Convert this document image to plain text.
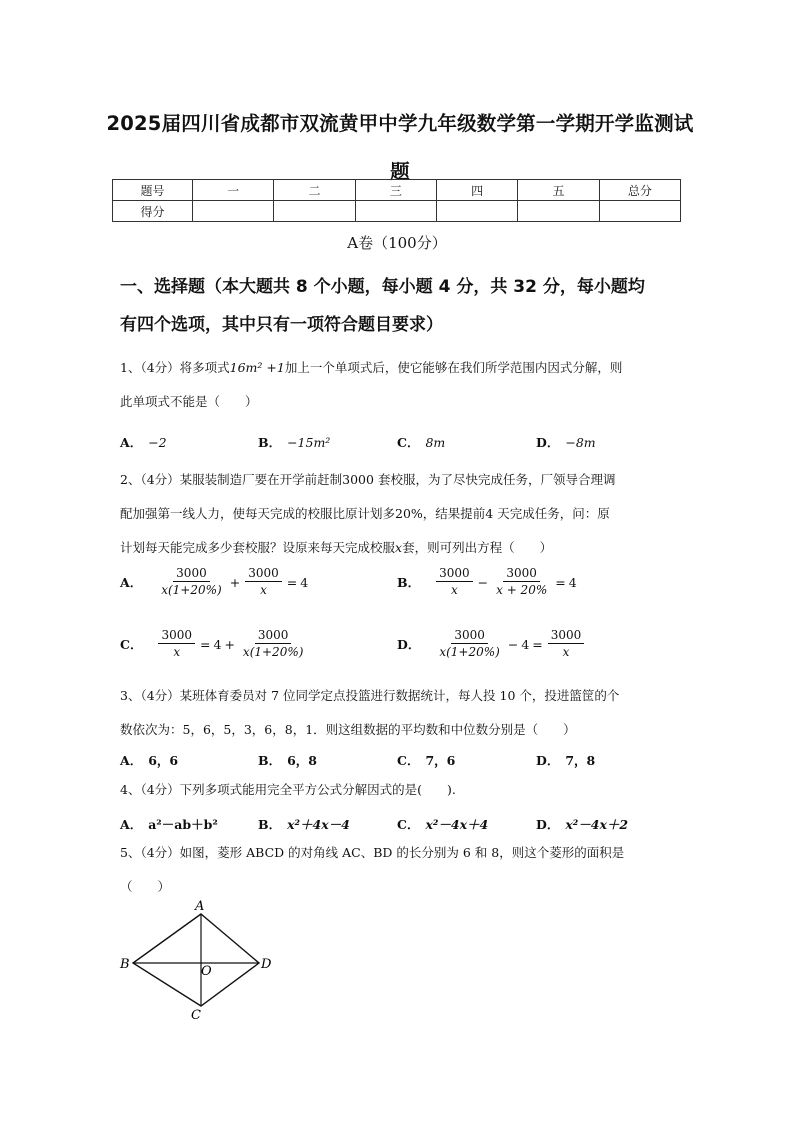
2025届四川省成都市双流黄甲中学九年级数学第一学期开学监测试
题
题号	一	二	三	四	五	总分
得分						
A卷（100分）
一、选择题（本大题共 8 个小题，每小题 4 分，共 32 分，每小题均
有四个选项，其中只有一项符合题目要求）
1、（4分）将多项式16m² +1加上一个单项式后，使它能够在我们所学范围内因式分解，则
此单项式不能是（　　）
A． −2	B． −15m²	C． 8m	D． −8m
2、（4分）某服装制造厂要在开学前赶制3000 套校服，为了尽快完成任务，厂领导合理调
配加强第一线人力，使每天完成的校服比原计划多20%，结果提前4 天完成任务，问：原
计划每天能完成多少套校服？设原来每天完成校服x套，则可列出方程（　　）
A． $\frac{3000}{x(1+20\%)} + \frac{3000}{x} = 4$	B． $\frac{3000}{x} - \frac{3000}{x + 20\%} = 4$
C． $\frac{3000}{x} = 4 + \frac{3000}{x(1+20\%)}$	D． $\frac{3000}{x(1+20\%)} - 4 = \frac{3000}{x}$
3、（4分）某班体育委员对 7 位同学定点投篮进行数据统计，每人投 10 个，投进篮筐的个
数依次为：5，6，5，3，6，8，1．则这组数据的平均数和中位数分别是（　　）
A． 6，6	B． 6，8	C． 7，6	D． 7，8
4、（4分）下列多项式能用完全平方公式分解因式的是(　　).
A． a²－ab＋b²	B． x²＋4x－4	C． x²－4x＋4	D． x²－4x＋2
5、（4分）如图，菱形 ABCD 的对角线 AC、BD 的长分别为 6 和 8，则这个菱形的面积是
（　　）
A
B
C
D
O
